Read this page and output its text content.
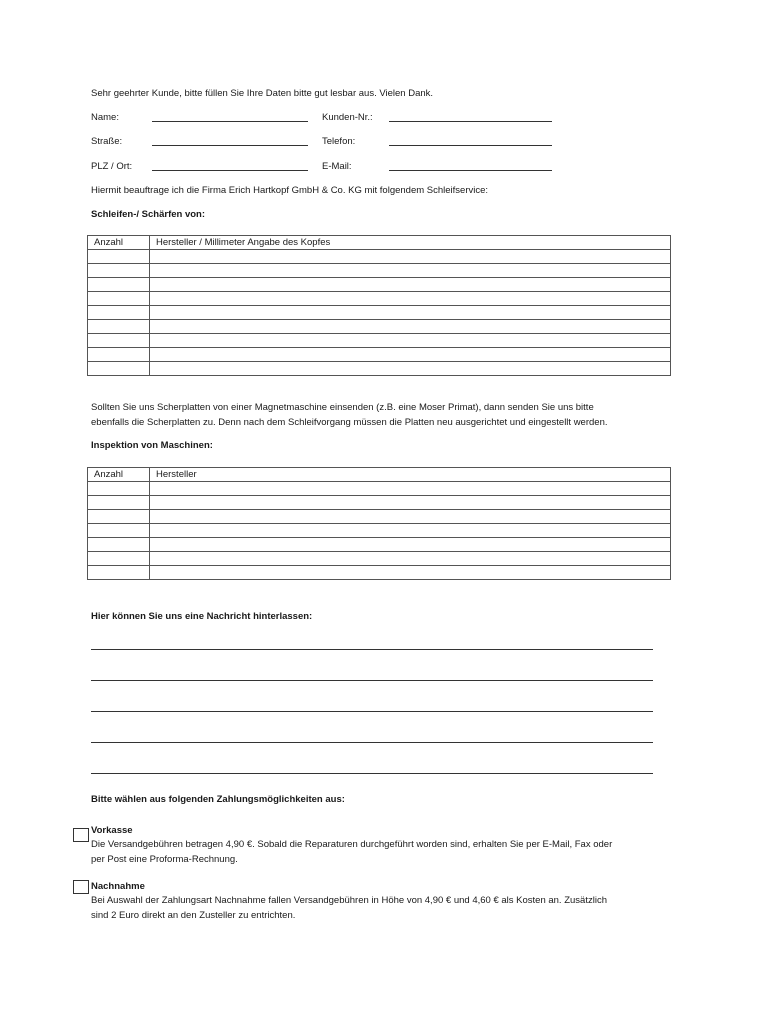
Sehr geehrter Kunde, bitte füllen Sie Ihre Daten bitte gut lesbar aus. Vielen Dank.
Name:	Kunden-Nr.:
Straße:	Telefon:
PLZ / Ort:	E-Mail:
Hiermit beauftrage ich die Firma Erich Hartkopf GmbH & Co. KG mit folgendem Schleifservice:
Schleifen-/ Schärfen von:
Anzahl	Hersteller / Millimeter Angabe des Kopfes

Sollten Sie uns Scherplatten von einer Magnetmaschine einsenden (z.B. eine Moser Primat), dann senden Sie uns bitte
ebenfalls die Scherplatten zu. Denn nach dem Schleifvorgang müssen die Platten neu ausgerichtet und eingestellt werden.
Inspektion von Maschinen:
Anzahl	Hersteller

Hier können Sie uns eine Nachricht hinterlassen:
Bitte wählen aus folgenden Zahlungsmöglichkeiten aus:
Vorkasse
Die Versandgebühren betragen 4,90 €. Sobald die Reparaturen durchgeführt worden sind, erhalten Sie per E-Mail, Fax oder
per Post eine Proforma-Rechnung.
Nachnahme
Bei Auswahl der Zahlungsart Nachnahme fallen Versandgebühren in Höhe von 4,90 € und 4,60 € als Kosten an. Zusätzlich
sind 2 Euro direkt an den Zusteller zu entrichten.
